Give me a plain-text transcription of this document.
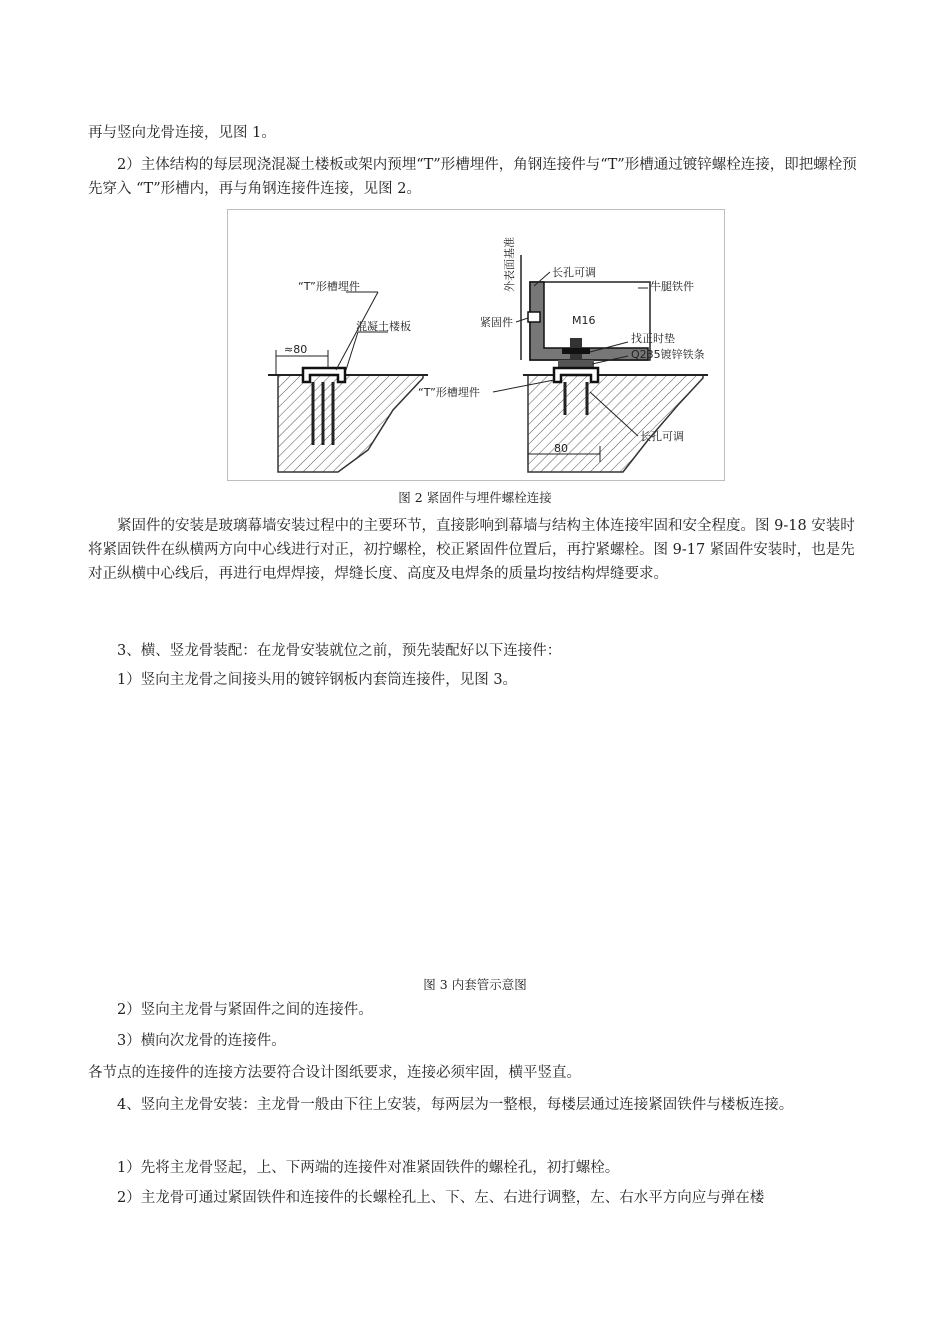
再与竖向龙骨连接，见图 1。

2）主体结构的每层现浇混凝土楼板或架内预埋“T”形槽埋件，角钢连接件与“T”形槽通过镀锌螺栓连接，即把螺栓预先穿入 “T”形槽内，再与角钢连接件连接，见图 2。

“T”形槽埋件
混凝土楼板
≈80
外表面基准	长孔可调
牛腿铁件
紧固件	M16
找正时垫
Q235镀锌铁条
“T”形槽埋件
80
长孔可调
图 2 紧固件与埋件螺栓连接

紧固件的安装是玻璃幕墙安装过程中的主要环节，直接影响到幕墙与结构主体连接牢固和安全程度。图 9-18 安装时将紧固铁件在纵横两方向中心线进行对正，初拧螺栓，校正紧固件位置后，再拧紧螺栓。图 9-17 紧固件安装时，也是先对正纵横中心线后，再进行电焊焊接，焊缝长度、高度及电焊条的质量均按结构焊缝要求。

3、横、竖龙骨装配：在龙骨安装就位之前，预先装配好以下连接件：

1）竖向主龙骨之间接头用的镀锌钢板内套筒连接件，见图 3。

图 3 内套管示意图

2）竖向主龙骨与紧固件之间的连接件。

3）横向次龙骨的连接件。

各节点的连接件的连接方法要符合设计图纸要求，连接必须牢固，横平竖直。

4、竖向主龙骨安装：主龙骨一般由下往上安装，每两层为一整根，每楼层通过连接紧固铁件与楼板连接。

1）先将主龙骨竖起，上、下两端的连接件对准紧固铁件的螺栓孔，初打螺栓。

2）主龙骨可通过紧固铁件和连接件的长螺栓孔上、下、左、右进行调整，左、右水平方向应与弹在楼
